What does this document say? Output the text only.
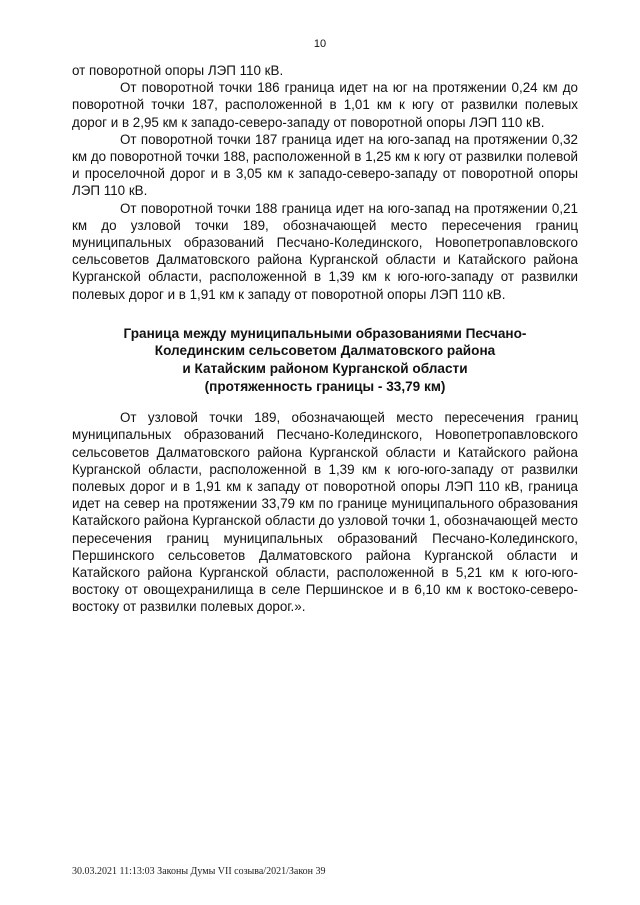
10

от поворотной опоры ЛЭП 110 кВ.

От поворотной точки 186 граница идет на юг на протяжении 0,24 км до поворотной точки 187, расположенной в 1,01 км к югу от развилки полевых дорог и в 2,95 км к западо-северо-западу от поворотной опоры ЛЭП 110 кВ.

От поворотной точки 187 граница идет на юго-запад на протяжении 0,32 км до поворотной точки 188, расположенной в 1,25 км к югу от развилки полевой и проселочной дорог и в 3,05 км к западо-северо-западу от поворотной опоры ЛЭП 110 кВ.

От поворотной точки 188 граница идет на юго-запад на протяжении 0,21 км до узловой точки 189, обозначающей место пересечения границ муниципальных образований Песчано-Колединского, Новопетропавловского сельсоветов Далматовского района Курганской области и Катайского района Курганской области, расположенной в 1,39 км к юго-юго-западу от развилки полевых дорог и в 1,91 км к западу от поворотной опоры ЛЭП 110 кВ.

Граница между муниципальными образованиями Песчано-
Колединским сельсоветом Далматовского района
и Катайским районом Курганской области
(протяженность границы - 33,79 км)

От узловой точки 189, обозначающей место пересечения границ муниципальных образований Песчано-Колединского, Новопетропавловского сельсоветов Далматовского района Курганской области и Катайского района Курганской области, расположенной в 1,39 км к юго-юго-западу от развилки полевых дорог и в 1,91 км к западу от поворотной опоры ЛЭП 110 кВ, граница идет на север на протяжении 33,79 км по границе муниципального образования Катайского района Курганской области до узловой точки 1, обозначающей место пересечения границ муниципальных образований Песчано-Колединского, Першинского сельсоветов Далматовского района Курганской области и Катайского района Курганской области, расположенной в 5,21 км к юго-юго-востоку от овощехранилища в селе Першинское и в 6,10 км к востоко-северо-востоку от развилки полевых дорог.».

30.03.2021 11:13:03 Законы Думы VII созыва/2021/Закон 39
